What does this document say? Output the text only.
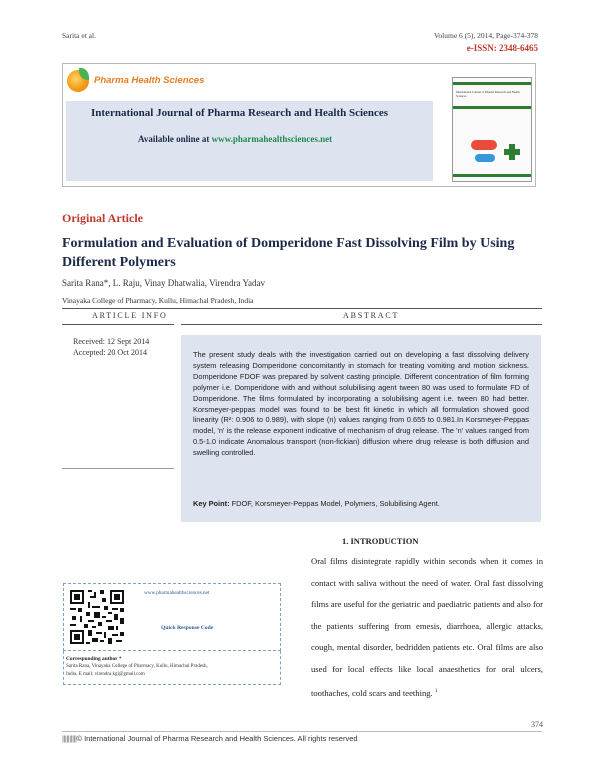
Sarita et al.	Volume 6 (5), 2014, Page-374-378
e-ISSN: 2348-6465
Pharma Health Sciences
International Journal of Pharma Research and Health Sciences
Available online at www.pharmahealthsciences.net
International Journal of Pharma Research and Health Sciences
Original Article
Formulation and Evaluation of Domperidone Fast Dissolving Film by Using Different Polymers
Sarita Rana*, L. Raju, Vinay Dhatwalia, Virendra Yadav
Vinayaka College of Pharmacy, Kullu, Himachal Pradesh, India
ARTICLE INFO	ABSTRACT
Received: 12 Sept 2014
Accepted: 20 Oct 2014	The present study deals with the investigation carried out on developing a fast dissolving delivery system releasing Domperidone concomitantly in stomach for treating vomiting and motion sickness. Domperidone FDOF was prepared by solvent casting principle. Different concentration of film forming polymer i.e. Domperidone with and without solubilising agent tween 80 was used to formulate FD of Domperidone. The films formulated by incorporating a solubilising agent i.e. tween 80 had better. Korsmeyer-peppas model was found to be best fit kinetic in which all formulation showed good linearity (R²: 0.906 to 0.989), with slope (n) values ranging from 0.655 to 0.981.In Korsmeyer-Peppas model, 'n' is the release exponent indicative of mechanism of drug release. The 'n' values ranged from 0.5-1.0 indicate Anomalous transport (non-fickian) diffusion where drug release is both diffusion and swelling controlled.
Key Point: FDOF, Korsmeyer-Peppas Model, Polymers, Solubilising Agent.
www.pharmahealthsciences.net
Quick Response Code
Corresponding author *
Sarita Rana, Vinayaka College of Pharmacy, Kullu, Himachal Pradesh,
India. E mail: virendra.kgi@gmail.com
1. INTRODUCTION
Oral films disintegrate rapidly within seconds when it comes in contact with saliva without the need of water. Oral fast dissolving films are useful for the geriatric and paediatric patients and also for the patients suffering from emesis, diarrhoea, allergic attacks, cough, mental disorder, bedridden patients etc. Oral films are also used for local effects like local anaesthetics for oral ulcers, toothaches, cold scars and teething. $^1$
374
||||||||||© International Journal of Pharma Research and Health Sciences. All rights reserved
